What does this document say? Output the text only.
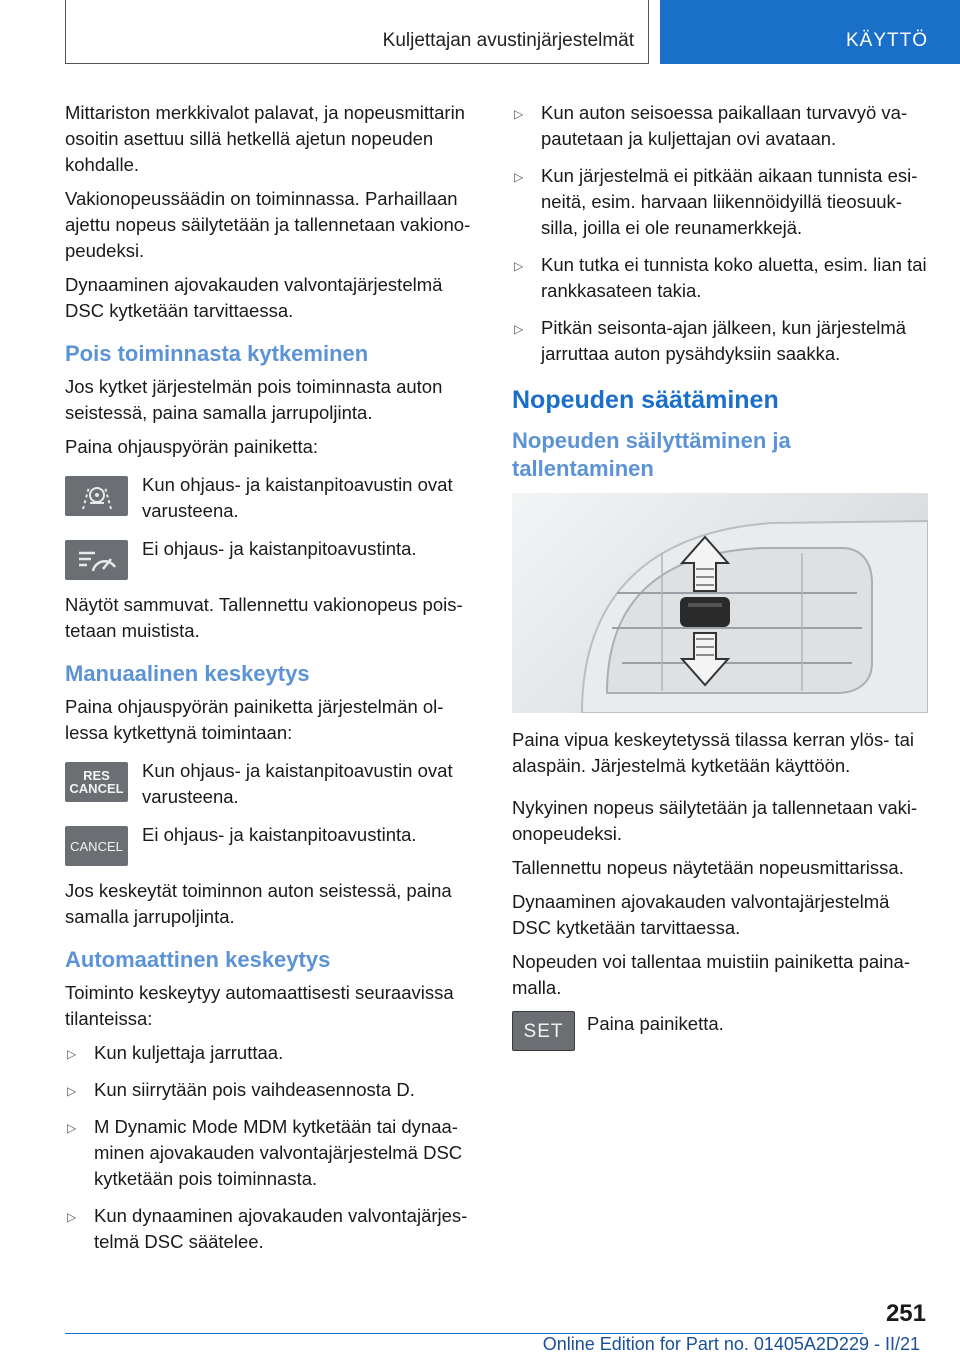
Kuljettajan avustinjärjestelmät	KÄYTTÖ

Mittariston merkkivalot palavat, ja nopeusmittarin osoitin asettuu sillä hetkellä ajetun nopeuden kohdalle.

Vakionopeussäädin on toiminnassa. Parhaillaan ajettu nopeus säilytetään ja tallennetaan vakionopeudeksi.

Dynaaminen ajovakauden valvontajärjestelmä DSC kytketään tarvittaessa.

Pois toiminnasta kytkeminen

Jos kytket järjestelmän pois toiminnasta auton seistessä, paina samalla jarrupoljinta.

Paina ohjauspyörän painiketta:

Kun ohjaus- ja kaistanpitoavustin ovat varusteena.
Ei ohjaus- ja kaistanpitoavustinta.

Näytöt sammuvat. Tallennettu vakionopeus poistetaan muistista.

Manuaalinen keskeytys

Paina ohjauspyörän painiketta järjestelmän ollessa kytkettynä toimintaan:

RES
CANCEL
Kun ohjaus- ja kaistanpitoavustin ovat varusteena.
CANCEL
Ei ohjaus- ja kaistanpitoavustinta.

Jos keskeytät toiminnon auton seistessä, paina samalla jarrupoljinta.

Automaattinen keskeytys

Toiminto keskeytyy automaattisesti seuraavissa tilanteissa:

▷ Kun kuljettaja jarruttaa.
▷ Kun siirrytään pois vaihdeasennosta D.
▷ M Dynamic Mode MDM kytketään tai dynaaminen ajovakauden valvontajärjestelmä DSC kytketään pois toiminnasta.
▷ Kun dynaaminen ajovakauden valvontajärjestelmä DSC säätelee.
▷ Kun auton seisoessa paikallaan turvavyö vapautetaan ja kuljettajan ovi avataan.
▷ Kun järjestelmä ei pitkään aikaan tunnista esineitä, esim. harvaan liikennöidyillä tieosuuksilla, joilla ei ole reunamerkkejä.
▷ Kun tutka ei tunnista koko aluetta, esim. lian tai rankkasateen takia.
▷ Pitkän seisonta-ajan jälkeen, kun järjestelmä jarruttaa auton pysähdyksiin saakka.
Nopeuden säätäminen
Nopeuden säilyttäminen ja tallentaminen

Paina vipua keskeytetyssä tilassa kerran ylös- tai alaspäin. Järjestelmä kytketään käyttöön.

Nykyinen nopeus säilytetään ja tallennetaan vakionopeudeksi.

Tallennettu nopeus näytetään nopeusmittarissa.

Dynaaminen ajovakauden valvontajärjestelmä DSC kytketään tarvittaessa.

Nopeuden voi tallentaa muistiin painiketta painamalla.

SET Paina painiketta.
251
Online Edition for Part no. 01405A2D229 - II/21
